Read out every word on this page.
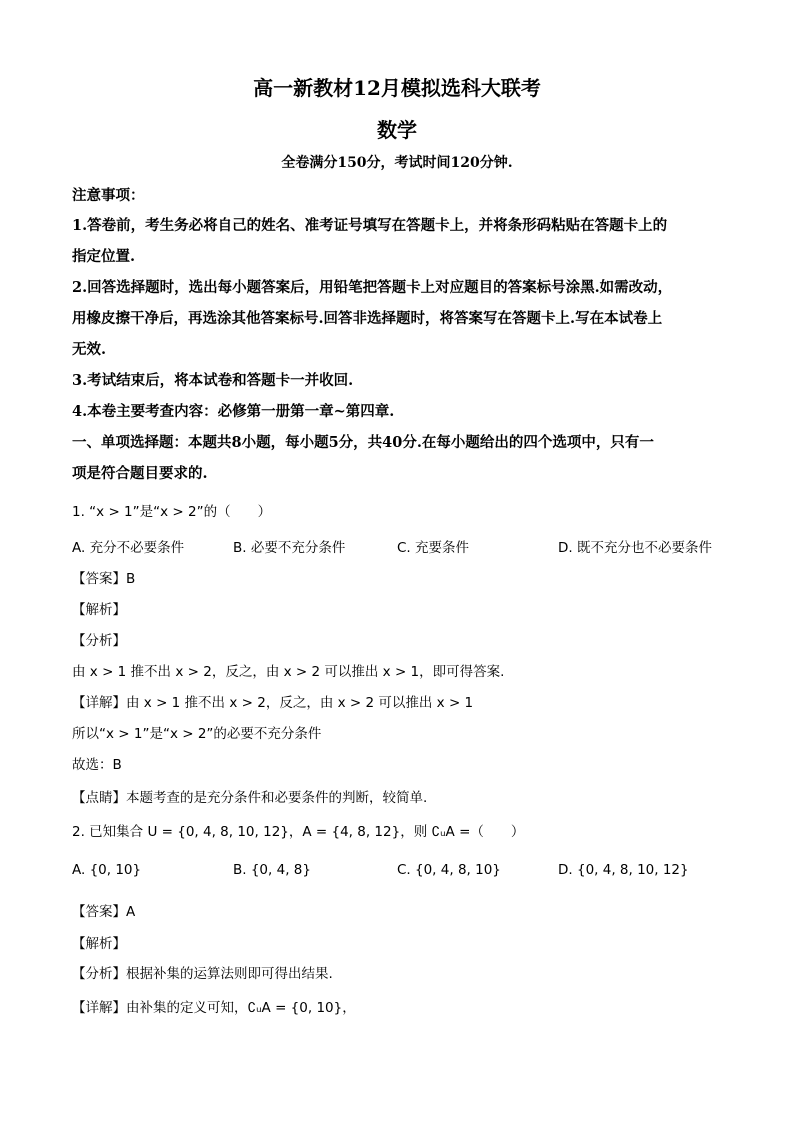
高一新教材12月模拟选科大联考
数学
全卷满分150分，考试时间120分钟.
注意事项：
1.答卷前，考生务必将自己的姓名、准考证号填写在答题卡上，并将条形码粘贴在答题卡上的
指定位置.
2.回答选择题时，选出每小题答案后，用铅笔把答题卡上对应题目的答案标号涂黑.如需改动，
用橡皮擦干净后，再选涂其他答案标号.回答非选择题时，将答案写在答题卡上.写在本试卷上
无效.
3.考试结束后，将本试卷和答题卡一并收回.
4.本卷主要考查内容：必修第一册第一章~第四章.
一、单项选择题：本题共8小题，每小题5分，共40分.在每小题给出的四个选项中，只有一
项是符合题目要求的.
1. “x > 1”是“x > 2”的（　　）
A. 充分不必要条件	B. 必要不充分条件	C. 充要条件	D. 既不充分也不必要条件
【答案】B
【解析】
【分析】
由 x > 1 推不出 x > 2，反之，由 x > 2 可以推出 x > 1，即可得答案.
【详解】由 x > 1 推不出 x > 2，反之，由 x > 2 可以推出 x > 1
所以“x > 1”是“x > 2”的必要不充分条件
故选：B
【点睛】本题考查的是充分条件和必要条件的判断，较简单.
2. 已知集合 U = {0, 4, 8, 10, 12}，A = {4, 8, 12}，则 ∁ᵤA =（　　）
A. {0, 10}	B. {0, 4, 8}	C. {0, 4, 8, 10}	D. {0, 4, 8, 10, 12}
【答案】A
【解析】
【分析】根据补集的运算法则即可得出结果.
【详解】由补集的定义可知，∁ᵤA = {0, 10}，
